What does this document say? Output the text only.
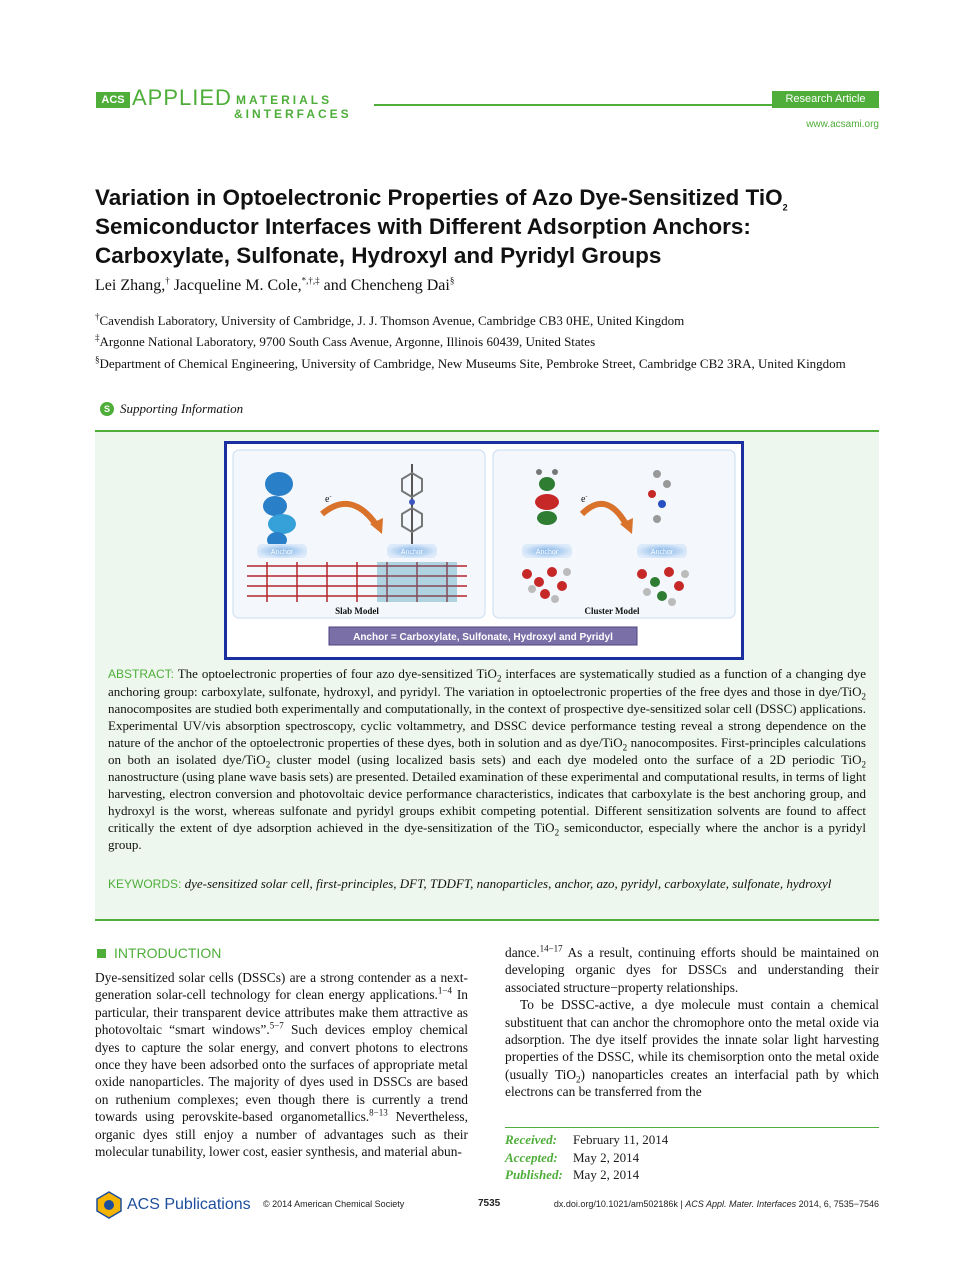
ACS APPLIED MATERIALS
&INTERFACES
Research Article
www.acsami.org
Variation in Optoelectronic Properties of Azo Dye-Sensitized TiO$_2$ Semiconductor Interfaces with Different Adsorption Anchors: Carboxylate, Sulfonate, Hydroxyl and Pyridyl Groups
Lei Zhang,† Jacqueline M. Cole,*,†,‡ and Chencheng Dai§
†Cavendish Laboratory, University of Cambridge, J. J. Thomson Avenue, Cambridge CB3 0HE, United Kingdom
‡Argonne National Laboratory, 9700 South Cass Avenue, Argonne, Illinois 60439, United States
§Department of Chemical Engineering, University of Cambridge, New Museums Site, Pembroke Street, Cambridge CB2 3RA, United Kingdom
S Supporting Information
Anchor	Anchor
e-
Slab Model
Anchor	Anchor
e-
Cluster Model
Anchor = Carboxylate, Sulfonate, Hydroxyl and Pyridyl

ABSTRACT: The optoelectronic properties of four azo dye-sensitized TiO$_2$ interfaces are systematically studied as a function of a changing dye anchoring group: carboxylate, sulfonate, hydroxyl, and pyridyl. The variation in optoelectronic properties of the free dyes and those in dye/TiO$_2$ nanocomposites are studied both experimentally and computationally, in the context of prospective dye-sensitized solar cell (DSSC) applications. Experimental UV/vis absorption spectroscopy, cyclic voltammetry, and DSSC device performance testing reveal a strong dependence on the nature of the anchor of the optoelectronic properties of these dyes, both in solution and as dye/TiO$_2$ nanocomposites. First-principles calculations on both an isolated dye/TiO$_2$ cluster model (using localized basis sets) and each dye modeled onto the surface of a 2D periodic TiO$_2$ nanostructure (using plane wave basis sets) are presented. Detailed examination of these experimental and computational results, in terms of light harvesting, electron conversion and photovoltaic device performance characteristics, indicates that carboxylate is the best anchoring group, and hydroxyl is the worst, whereas sulfonate and pyridyl groups exhibit competing potential. Different sensitization solvents are found to affect critically the extent of dye adsorption achieved in the dye-sensitization of the TiO$_2$ semiconductor, especially where the anchor is a pyridyl group.

KEYWORDS: dye-sensitized solar cell, first-principles, DFT, TDDFT, nanoparticles, anchor, azo, pyridyl, carboxylate, sulfonate, hydroxyl

INTRODUCTION

Dye-sensitized solar cells (DSSCs) are a strong contender as a next-generation solar-cell technology for clean energy applications.$^{1-4}$ In particular, their transparent device attributes make them attractive as photovoltaic “smart windows”.$^{5-7}$ Such devices employ chemical dyes to capture the solar energy, and convert photons to electrons once they have been adsorbed onto the surfaces of appropriate metal oxide nanoparticles. The majority of dyes used in DSSCs are based on ruthenium complexes; even though there is currently a trend towards using perovskite-based organometallics.$^{8-13}$ Nevertheless, organic dyes still enjoy a number of advantages such as their molecular tunability, lower cost, easier synthesis, and material abun-

dance.$^{14-17}$ As a result, continuing efforts should be maintained on developing organic dyes for DSSCs and understanding their associated structure−property relationships.

To be DSSC-active, a dye molecule must contain a chemical substituent that can anchor the chromophore onto the metal oxide via adsorption. The dye itself provides the innate solar light harvesting properties of the DSSC, while its chemisorption onto the metal oxide (usually TiO$_2$) nanoparticles creates an interfacial path by which electrons can be transferred from the

Received:	February 11, 2014
Accepted:	May 2, 2014
Published: May 2, 2014
ACS Publications © 2014 American Chemical Society	7535	dx.doi.org/10.1021/am502186k | ACS Appl. Mater. Interfaces 2014, 6, 7535−7546
